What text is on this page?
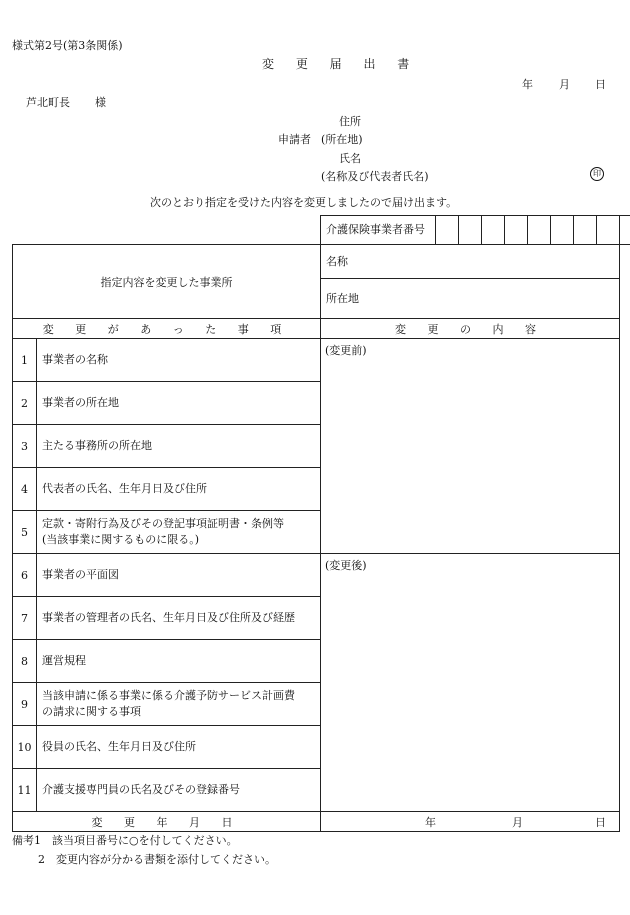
様式第2号(第3条関係)
変 更 届 出 書
年 月 日
芦北町長 様
住所
申請者 (所在地)
氏名
(名称及び代表者氏名)	印
次のとおり指定を受けた内容を変更しましたので届け出ます。
介護保険事業者番号										
指定内容を変更した事業所		名称
		所在地
変 更 が あ っ た 事 項		変 更 の 内 容
1	事業者の名称	(変更前)
2	事業者の所在地	
3	主たる事務所の所在地	
4	代表者の氏名、生年月日及び住所	
5	定款・寄附行為及びその登記事項証明書・条例等
(当該事業に関するものに限る。)	

6	事業者の平面図	(変更後)
7	事業者の管理者の氏名、生年月日及び住所及び経歴	
8	運営規程	
9	当該申請に係る事業に係る介護予防サービス計画費
の請求に関する事項	

10	役員の氏名、生年月日及び住所	
11	介護支援専門員の氏名及びその登録番号	
変 更 年 月 日		年 月 日
備考1　該当項目番号に○を付してください。
2　変更内容が分かる書類を添付してください。
